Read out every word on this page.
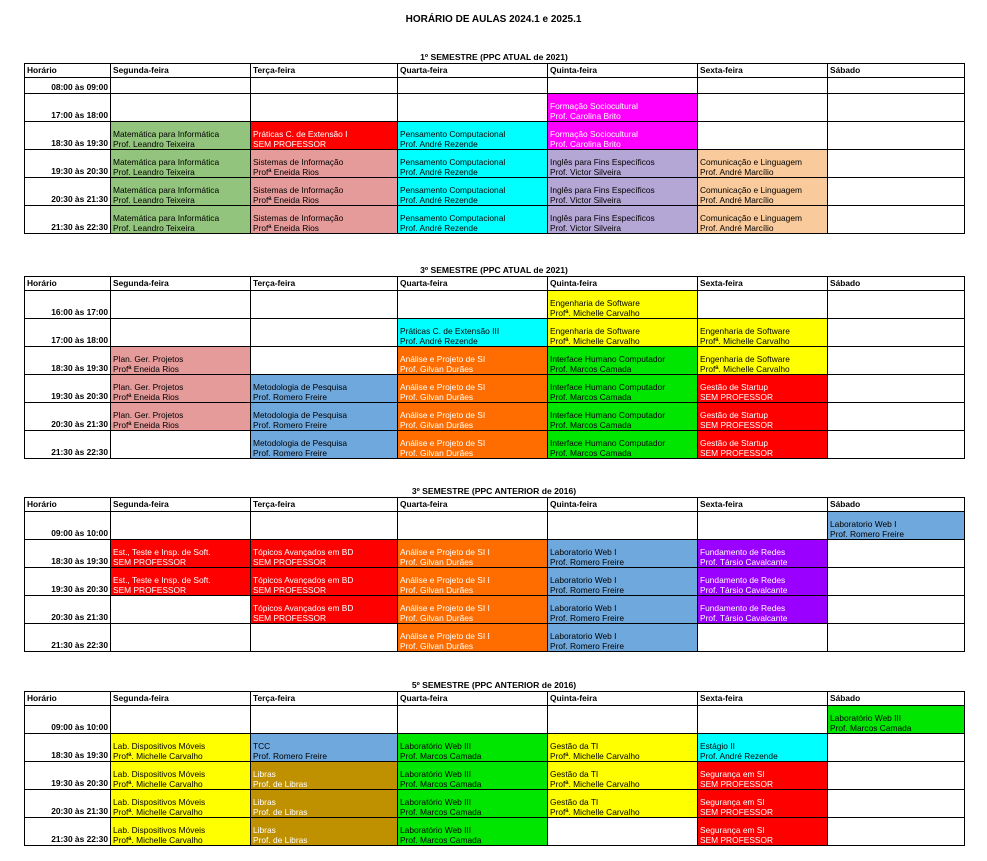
HORÁRIO DE AULAS 2024.1 e 2025.1
1º SEMESTRE (PPC ATUAL de 2021)
Horário	Segunda-feira	Terça-feira	Quarta-feira	Quinta-feira	Sexta-feira	Sábado
08:00 às 09:00						
17:00 às 18:00				Formação Sociocultural
Prof. Carolina Brito		

18:30 às 19:30	Matemática para Informática
Prof. Leandro Teixeira	Práticas C. de Extensão I
SEM PROFESSOR	Pensamento Computacional
Prof. André Rezende	Formação Sociocultural
Prof. Carolina Brito		

19:30 às 20:30	Matemática para Informática
Prof. Leandro Teixeira	Sistemas de Informação
Profª Eneida Rios	Pensamento Computacional
Prof. André Rezende	Inglês para Fins Específicos
Prof. Victor Silveira	Comunicação e Linguagem
Prof. André Marcílio	

20:30 às 21:30	Matemática para Informática
Prof. Leandro Teixeira	Sistemas de Informação
Profª Eneida Rios	Pensamento Computacional
Prof. André Rezende	Inglês para Fins Específicos
Prof. Victor Silveira	Comunicação e Linguagem
Prof. André Marcílio	

21:30 às 22:30	Matemática para Informática
Prof. Leandro Teixeira	Sistemas de Informação
Profª Eneida Rios	Pensamento Computacional
Prof. André Rezende	Inglês para Fins Específicos
Prof. Victor Silveira	Comunicação e Linguagem
Prof. André Marcílio	

3º SEMESTRE (PPC ATUAL de 2021)
Horário	Segunda-feira	Terça-feira	Quarta-feira	Quinta-feira	Sexta-feira	Sábado
16:00 às 17:00				Engenharia de Software
Profª. Michelle Carvalho		

17:00 às 18:00			Práticas C. de Extensão III
Prof. André Rezende	Engenharia de Software
Profª. Michelle Carvalho	Engenharia de Software
Profª. Michelle Carvalho	

18:30 às 19:30	Plan. Ger. Projetos
Profª Eneida Rios		Análise e Projeto de SI
Prof. Gilvan Durães	Interface Humano Computador
Prof. Marcos Camada	Engenharia de Software
Profª. Michelle Carvalho	

19:30 às 20:30	Plan. Ger. Projetos
Profª Eneida Rios	Metodologia de Pesquisa
Prof. Romero Freire	Análise e Projeto de SI
Prof. Gilvan Durães	Interface Humano Computador
Prof. Marcos Camada	Gestão de Startup
SEM PROFESSOR	

20:30 às 21:30	Plan. Ger. Projetos
Profª Eneida Rios	Metodologia de Pesquisa
Prof. Romero Freire	Análise e Projeto de SI
Prof. Gilvan Durães	Interface Humano Computador
Prof. Marcos Camada	Gestão de Startup
SEM PROFESSOR	

21:30 às 22:30		Metodologia de Pesquisa
Prof. Romero Freire	Análise e Projeto de SI
Prof. Gilvan Durães	Interface Humano Computador
Prof. Marcos Camada	Gestão de Startup
SEM PROFESSOR	

3º SEMESTRE (PPC ANTERIOR de 2016)
Horário	Segunda-feira	Terça-feira	Quarta-feira	Quinta-feira	Sexta-feira	Sábado
09:00 às 10:00						Laboratorio Web I
Prof. Romero Freire

18:30 às 19:30	Est., Teste e Insp. de Soft.
SEM PROFESSOR	Tópicos Avançados em BD
SEM PROFESSOR	Análise e Projeto de SI I
Prof. Gilvan Durães	Laboratorio Web I
Prof. Romero Freire	Fundamento de Redes
Prof. Társio Cavalcante	

19:30 às 20:30	Est., Teste e Insp. de Soft.
SEM PROFESSOR	Tópicos Avançados em BD
SEM PROFESSOR	Análise e Projeto de SI I
Prof. Gilvan Durães	Laboratorio Web I
Prof. Romero Freire	Fundamento de Redes
Prof. Társio Cavalcante	

20:30 às 21:30		Tópicos Avançados em BD
SEM PROFESSOR	Análise e Projeto de SI I
Prof. Gilvan Durães	Laboratorio Web I
Prof. Romero Freire	Fundamento de Redes
Prof. Társio Cavalcante	

21:30 às 22:30			Análise e Projeto de SI I
Prof. Gilvan Durães	Laboratorio Web I
Prof. Romero Freire		

5º SEMESTRE (PPC ANTERIOR de 2016)
Horário	Segunda-feira	Terça-feira	Quarta-feira	Quinta-feira	Sexta-feira	Sábado
09:00 às 10:00						Laboratório Web III
Prof. Marcos Camada

18:30 às 19:30	Lab. Dispositivos Móveis
Profª. Michelle Carvalho	TCC
Prof. Romero Freire	Laboratório Web III
Prof. Marcos Camada	Gestão da TI
Profª. Michelle Carvalho	Estágio II
Prof. André Rezende	

19:30 às 20:30	Lab. Dispositivos Móveis
Profª. Michelle Carvalho	Libras
Prof. de Libras	Laboratório Web III
Prof. Marcos Camada	Gestão da TI
Profª. Michelle Carvalho	Segurança em SI
SEM PROFESSOR	

20:30 às 21:30	Lab. Dispositivos Móveis
Profª. Michelle Carvalho	Libras
Prof. de Libras	Laboratório Web III
Prof. Marcos Camada	Gestão da TI
Profª. Michelle Carvalho	Segurança em SI
SEM PROFESSOR	

21:30 às 22:30	Lab. Dispositivos Móveis
Profª. Michelle Carvalho	Libras
Prof. de Libras	Laboratório Web III
Prof. Marcos Camada		Segurança em SI
SEM PROFESSOR	
